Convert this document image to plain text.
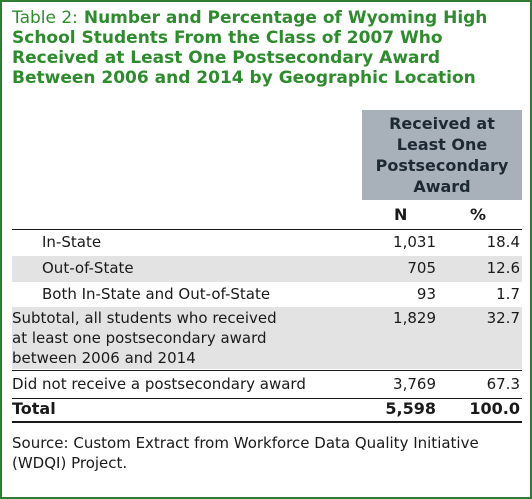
Table 2: Number and Percentage of Wyoming High School Students From the Class of 2007 Who Received at Least One Postsecondary Award Between 2006 and 2014 by Geographic Location
Received at
Least One
Postsecondary
Award
N	%
In-State	1,031	18.4
Out-of-State	705	12.6
Both In-State and Out-of-State	93	1.7
Subtotal, all students who received
at least one postsecondary award
between 2006 and 2014
1,829	32.7
Did not receive a postsecondary award	3,769	67.3
Total	5,598 100.0
Source: Custom Extract from Workforce Data Quality Initiative (WDQI) Project.
